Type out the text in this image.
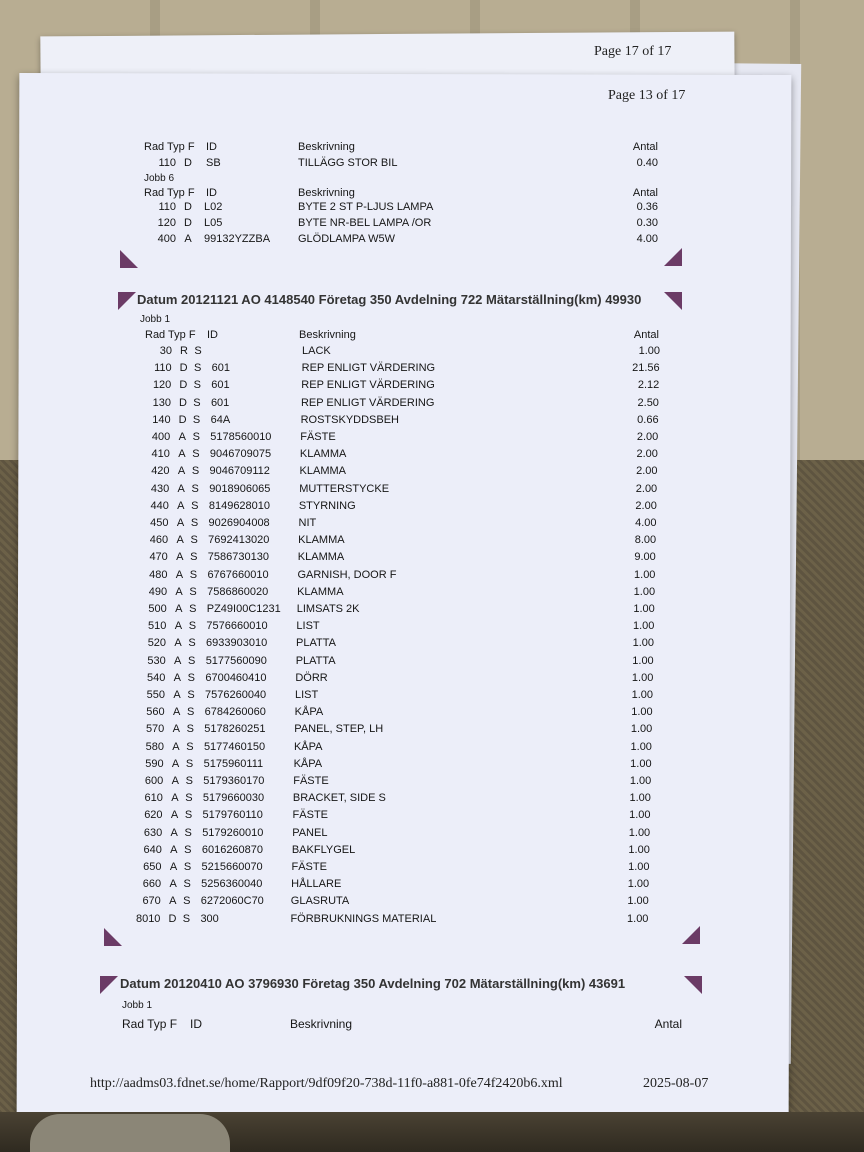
Page 17 of 17
Page 13 of 17
Rad Typ F ID	Beskrivning	Antal
110 D SB	TILLÄGG STOR BIL	0.40
Jobb 6
Rad Typ F ID	Beskrivning	Antal
110 D L02	BYTE 2 ST P-LJUS LAMPA	0.36
120 D L05	BYTE NR-BEL LAMPA /OR	0.30
400 A 99132YZZBA	GLÖDLAMPA W5W	4.00
Datum 20121121 AO 4148540 Företag 350 Avdelning 722 Mätarställning(km) 49930
Jobb 1
Rad Typ F ID	Beskrivning	Antal
30 R S	LACK	1.00
110 D S 601	REP ENLIGT VÄRDERING	21.56
120 D S 601	REP ENLIGT VÄRDERING	2.12
130 D S 601	REP ENLIGT VÄRDERING	2.50
140 D S 64A	ROSTSKYDDSBEH	0.66
400 A S 5178560010	FÄSTE	2.00
410 A S 9046709075	KLAMMA	2.00
420 A S 9046709112	KLAMMA	2.00
430 A S 9018906065	MUTTERSTYCKE	2.00
440 A S 8149628010	STYRNING	2.00
450 A S 9026904008	NIT	4.00
460 A S 7692413020	KLAMMA	8.00
470 A S 7586730130	KLAMMA	9.00
480 A S 6767660010	GARNISH, DOOR F	1.00
490 A S 7586860020	KLAMMA	1.00
500 A S PZ49I00C1231 LIMSATS 2K	1.00
510 A S 7576660010	LIST	1.00
520 A S 6933903010	PLATTA	1.00
530 A S 5177560090	PLATTA	1.00
540 A S 6700460410	DÖRR	1.00
550 A S 7576260040	LIST	1.00
560 A S 6784260060	KÅPA	1.00
570 A S 5178260251	PANEL, STEP, LH	1.00
580 A S 5177460150	KÅPA	1.00
590 A S 5175960111	KÅPA	1.00
600 A S 5179360170	FÄSTE	1.00
610 A S 5179660030	BRACKET, SIDE S	1.00
620 A S 5179760110	FÄSTE	1.00
630 A S 5179260010	PANEL	1.00
640 A S 6016260870	BAKFLYGEL	1.00
650 A S 5215660070	FÄSTE	1.00
660 A S 5256360040	HÅLLARE	1.00
670 A S 6272060C70 GLASRUTA	1.00
8010 D S 300	FÖRBRUKNINGS MATERIAL	1.00
Datum 20120410 AO 3796930 Företag 350 Avdelning 702 Mätarställning(km) 43691
Jobb 1
Rad Typ F ID	Beskrivning	Antal
http://aadms03.fdnet.se/home/Rapport/9df09f20-738d-11f0-a881-0fe74f2420b6.xml	2025-08-07
